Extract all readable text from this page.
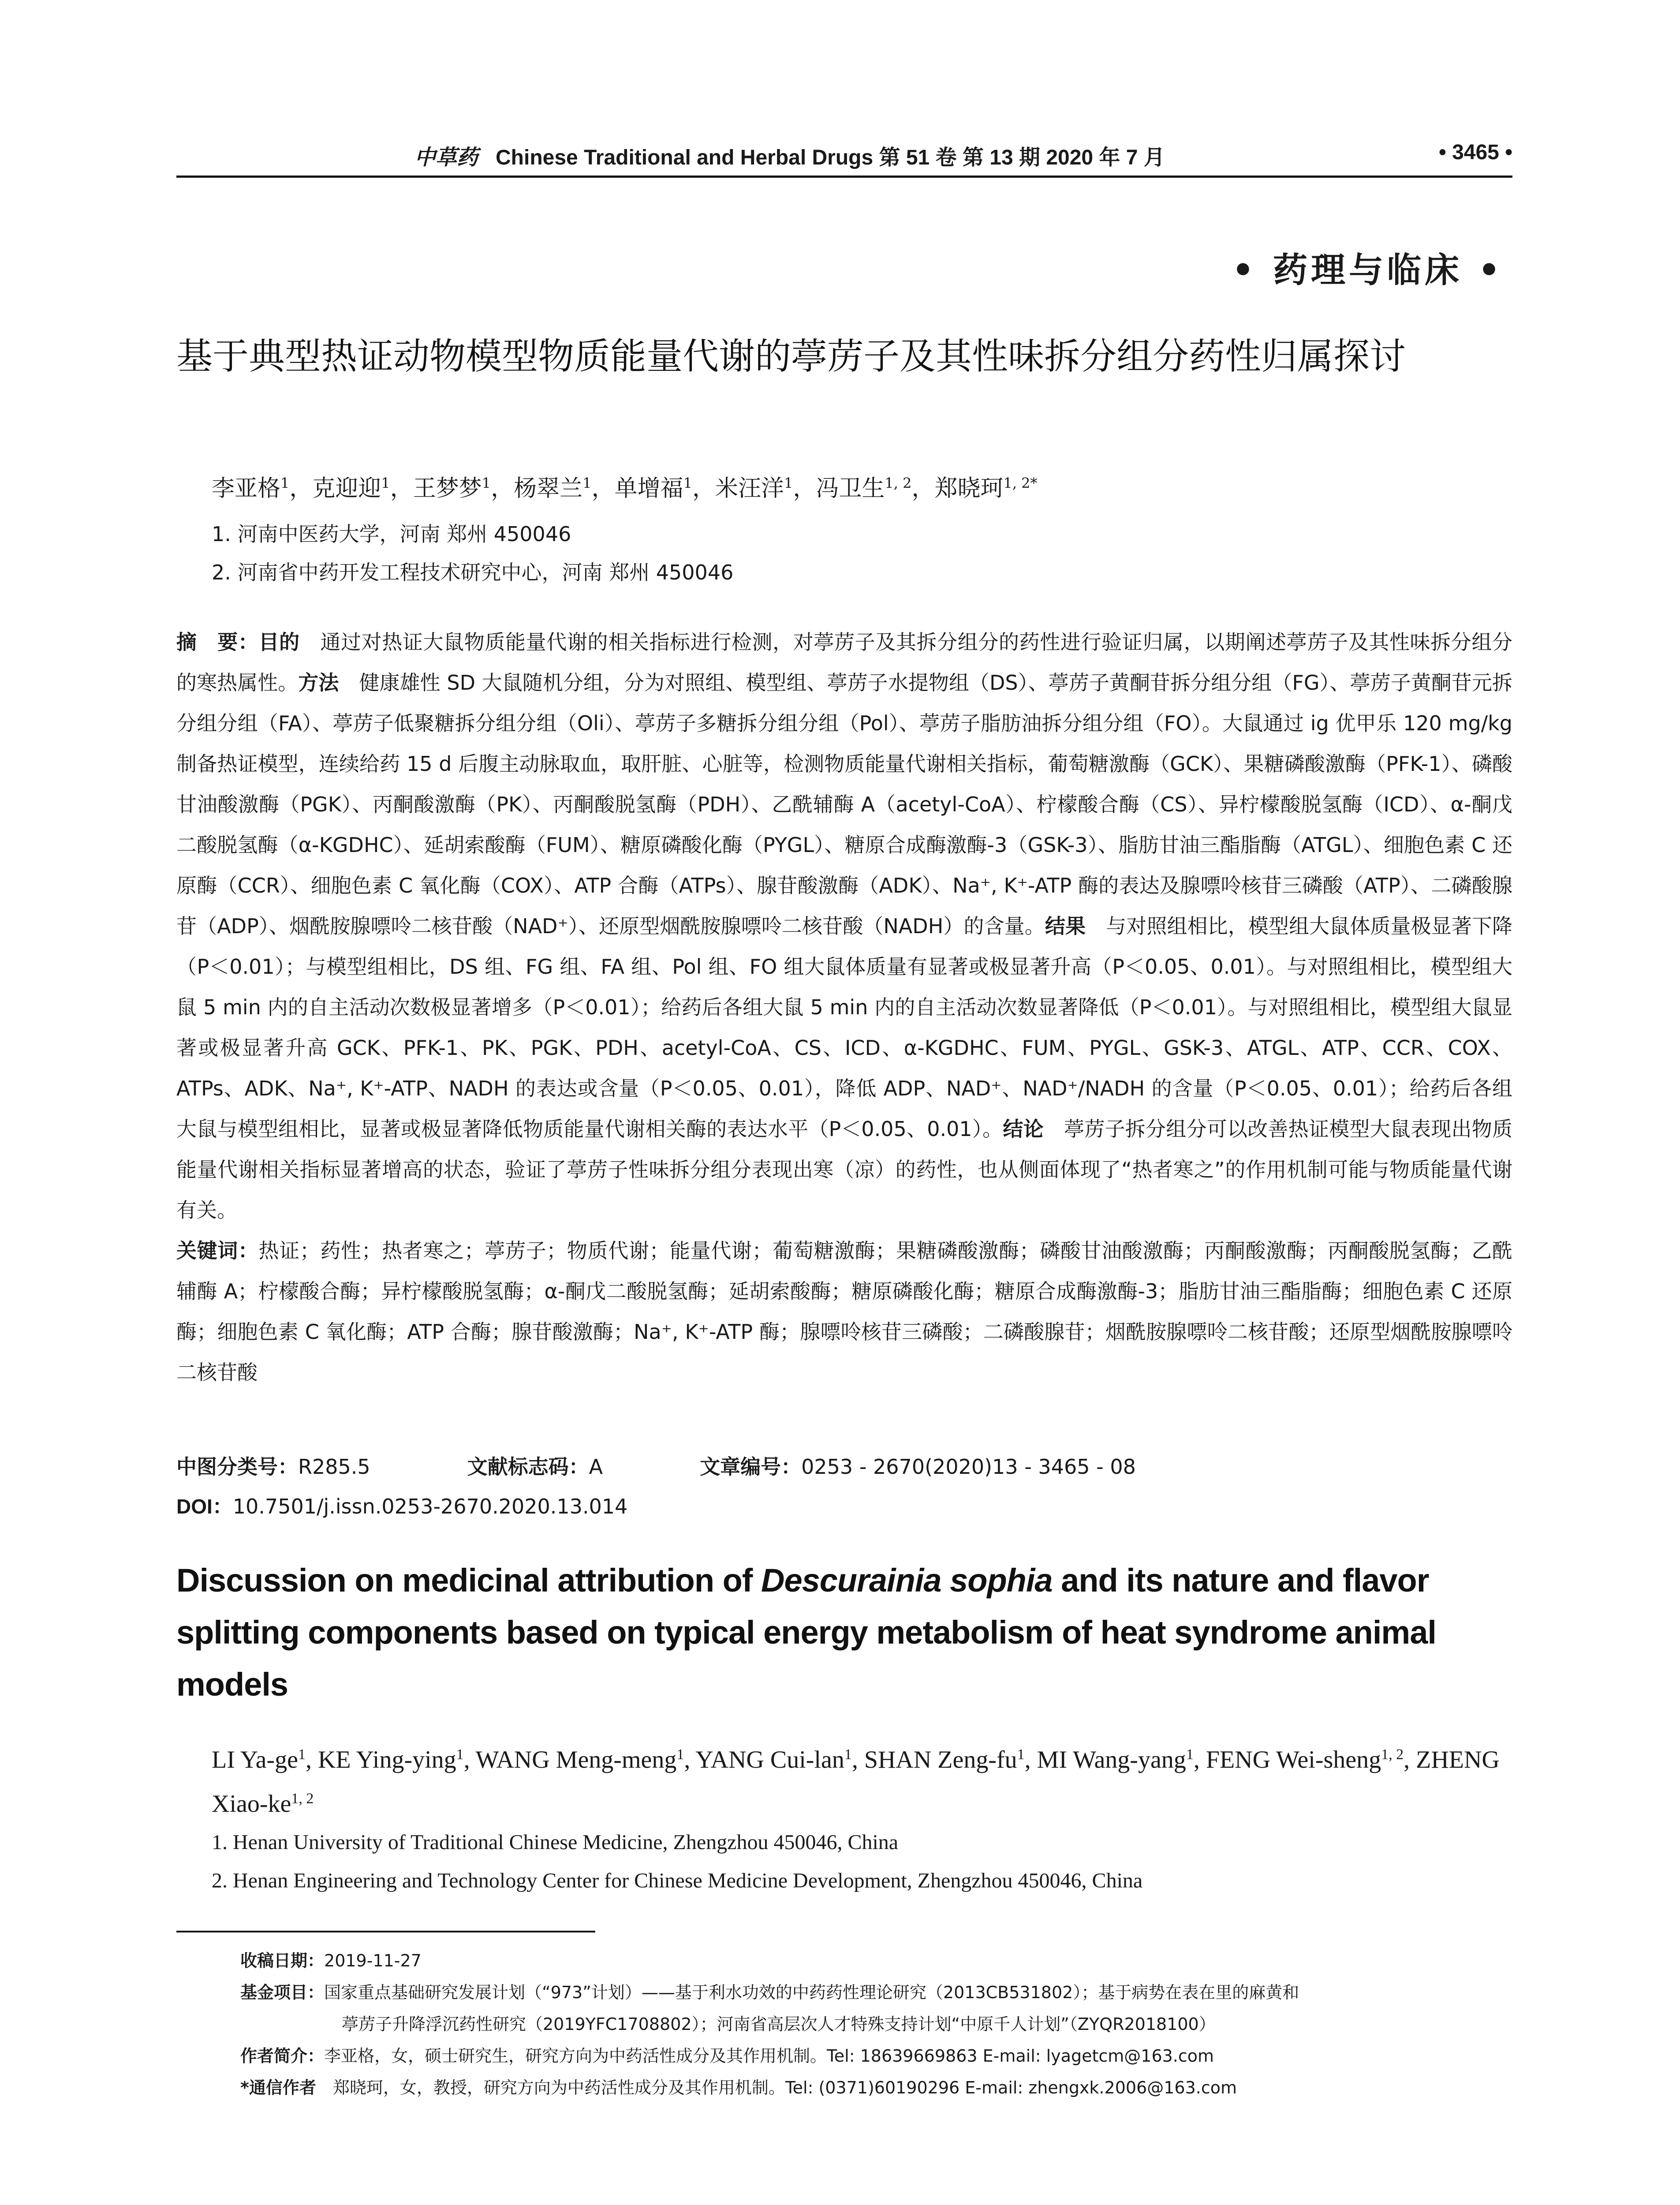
中草药 Chinese Traditional and Herbal Drugs 第 51 卷 第 13 期 2020 年 7 月	• 3465 •
• 药理与临床 •
基于典型热证动物模型物质能量代谢的葶苈子及其性味拆分组分药性归属探讨
李亚格$^1$，克迎迎$^1$，王梦梦$^1$，杨翠兰$^1$，单增福$^1$，米汪洋$^1$，冯卫生$^{1, 2}$，郑晓珂$^{1, 2*}$
1. 河南中医药大学，河南 郑州 450046
2. 河南省中药开发工程技术研究中心，河南 郑州 450046

摘　要：目的　通过对热证大鼠物质能量代谢的相关指标进行检测，对葶苈子及其拆分组分的药性进行验证归属，以期阐述葶苈子及其性味拆分组分的寒热属性。方法　健康雄性 SD 大鼠随机分组，分为对照组、模型组、葶苈子水提物组（DS）、葶苈子黄酮苷拆分组分组（FG）、葶苈子黄酮苷元拆分组分组（FA）、葶苈子低聚糖拆分组分组（Oli）、葶苈子多糖拆分组分组（Pol）、葶苈子脂肪油拆分组分组（FO）。大鼠通过 ig 优甲乐 120 mg/kg 制备热证模型，连续给药 15 d 后腹主动脉取血，取肝脏、心脏等，检测物质能量代谢相关指标，葡萄糖激酶（GCK）、果糖磷酸激酶（PFK-1）、磷酸甘油酸激酶（PGK）、丙酮酸激酶（PK）、丙酮酸脱氢酶（PDH）、乙酰辅酶 A（acetyl-CoA）、柠檬酸合酶（CS）、异柠檬酸脱氢酶（ICD）、α-酮戊二酸脱氢酶（α-KGDHC）、延胡索酸酶（FUM）、糖原磷酸化酶（PYGL）、糖原合成酶激酶-3（GSK-3）、脂肪甘油三酯脂酶（ATGL）、细胞色素 C 还原酶（CCR）、细胞色素 C 氧化酶（COX）、ATP 合酶（ATPs）、腺苷酸激酶（ADK）、Na⁺, K⁺-ATP 酶的表达及腺嘌呤核苷三磷酸（ATP）、二磷酸腺苷（ADP）、烟酰胺腺嘌呤二核苷酸（NAD⁺）、还原型烟酰胺腺嘌呤二核苷酸（NADH）的含量。结果　与对照组相比，模型组大鼠体质量极显著下降（P＜0.01）；与模型组相比，DS 组、FG 组、FA 组、Pol 组、FO 组大鼠体质量有显著或极显著升高（P＜0.05、0.01）。与对照组相比，模型组大鼠 5 min 内的自主活动次数极显著增多（P＜0.01）；给药后各组大鼠 5 min 内的自主活动次数显著降低（P＜0.01）。与对照组相比，模型组大鼠显著或极显著升高 GCK、PFK-1、PK、PGK、PDH、acetyl-CoA、CS、ICD、α-KGDHC、FUM、PYGL、GSK-3、ATGL、ATP、CCR、COX、ATPs、ADK、Na⁺, K⁺-ATP、NADH 的表达或含量（P＜0.05、0.01），降低 ADP、NAD⁺、NAD⁺/NADH 的含量（P＜0.05、0.01）；给药后各组大鼠与模型组相比，显著或极显著降低物质能量代谢相关酶的表达水平（P＜0.05、0.01）。结论　葶苈子拆分组分可以改善热证模型大鼠表现出物质能量代谢相关指标显著增高的状态，验证了葶苈子性味拆分组分表现出寒（凉）的药性，也从侧面体现了“热者寒之”的作用机制可能与物质能量代谢有关。

关键词：热证；药性；热者寒之；葶苈子；物质代谢；能量代谢；葡萄糖激酶；果糖磷酸激酶；磷酸甘油酸激酶；丙酮酸激酶；丙酮酸脱氢酶；乙酰辅酶 A；柠檬酸合酶；异柠檬酸脱氢酶；α-酮戊二酸脱氢酶；延胡索酸酶；糖原磷酸化酶；糖原合成酶激酶-3；脂肪甘油三酯脂酶；细胞色素 C 还原酶；细胞色素 C 氧化酶；ATP 合酶；腺苷酸激酶；Na⁺, K⁺-ATP 酶；腺嘌呤核苷三磷酸；二磷酸腺苷；烟酰胺腺嘌呤二核苷酸；还原型烟酰胺腺嘌呤二核苷酸

中图分类号：R285.5	文献标志码：A	文章编号：0253 - 2670(2020)13 - 3465 - 08
DOI：10.7501/j.issn.0253-2670.2020.13.014
Discussion on medicinal attribution of Descurainia sophia and its nature and flavor splitting components based on typical energy metabolism of heat syndrome animal models
LI $Ya-ge^1$, KE Ying-ying$^1$, WANG Meng-meng$^1$, YANG Cui-lan$^1$, SHAN Zeng-$fu^1$, MI Wang-yang$^1$, FENG Wei-sheng$^{1, 2}$, ZHENG Xiao-ke$^{1, 2}$
1. Henan University of Traditional Chinese Medicine, Zhengzhou 450046, China
2. Henan Engineering and Technology Center for Chinese Medicine Development, Zhengzhou 450046, China
收稿日期：2019-11-27
基金项目：国家重点基础研究发展计划（“973”计划）——基于利水功效的中药药性理论研究（2013CB531802）；基于病势在表在里的麻黄和
葶苈子升降浮沉药性研究（2019YFC1708802）；河南省高层次人才特殊支持计划“中原千人计划”（ZYQR2018100）
作者简介：李亚格，女，硕士研究生，研究方向为中药活性成分及其作用机制。Tel: 18639669863 E-mail: lyagetcm@163.com
*通信作者　郑晓珂，女，教授，研究方向为中药活性成分及其作用机制。Tel: (0371)60190296 E-mail: zhengxk.2006@163.com
